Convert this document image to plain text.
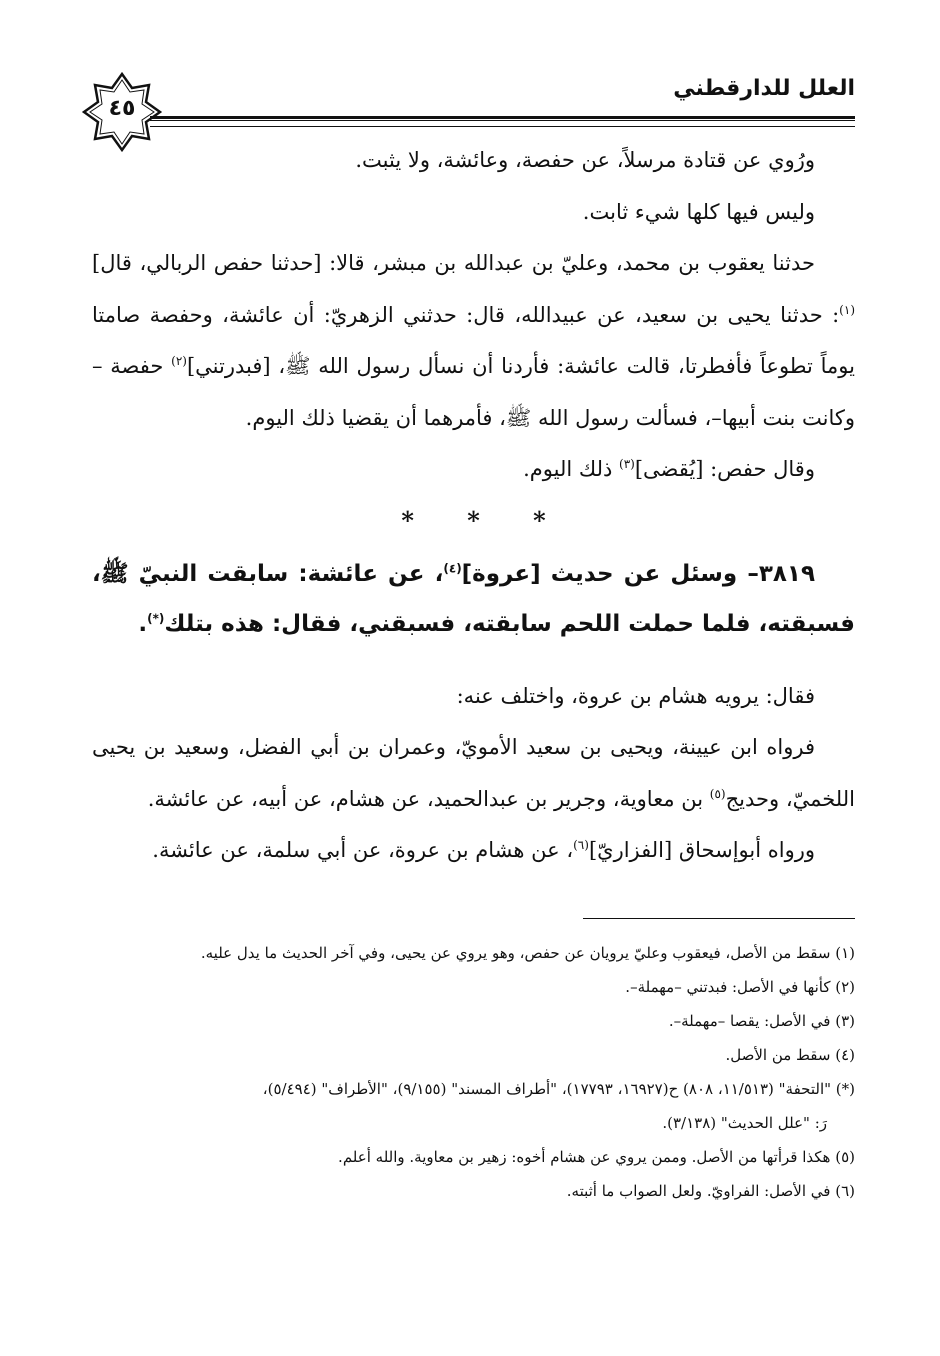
العلل للدارقطني
٤٥

ورُوي عن قتادة مرسلاً، عن حفصة، وعائشة، ولا يثبت.

وليس فيها كلها شيء ثابت.

حدثنا يعقوب بن محمد، وعليّ بن عبدالله بن مبشر، قالا: [حدثنا حفص الربالي، قال]$^{(١)}$: حدثنا يحيى بن سعيد، عن عبيدالله، قال: حدثني الزهريّ: أن عائشة، وحفصة صامتا يوماً تطوعاً فأفطرتا، قالت عائشة: فأردنا أن نسأل رسول الله ﷺ، [فبدرتني]$^{(٢)}$ حفصة –وكانت بنت أبيها–، فسألت رسول الله ﷺ، فأمرهما أن يقضيا ذلك اليوم.

وقال حفص: [يُقضى]$^{(٣)}$ ذلك اليوم.

* * *

٣٨١٩– وسئل عن حديث [عروة]$^{(٤)}$، عن عائشة: سابقت النبيّ ﷺ، فسبقته، فلما حملت اللحم سابقته، فسبقني، فقال: هذه بتلك(*).

فقال: يرويه هشام بن عروة، واختلف عنه:

فرواه ابن عيينة، ويحيى بن سعيد الأمويّ، وعمران بن أبي الفضل، وسعيد بن يحيى اللخميّ، وحديج$^{(٥)}$ بن معاوية، وجرير بن عبدالحميد، عن هشام، عن أبيه، عن عائشة.

ورواه أبوإسحاق [الفزاريّ]$^{(٦)}$، عن هشام بن عروة، عن أبي سلمة، عن عائشة.

(١) سقط من الأصل، فيعقوب وعليّ يرويان عن حفص، وهو يروي عن يحيى، وفي آخر الحديث ما يدل عليه.

(٢) كأنها في الأصل: فبدتني –مهملة–.

(٣) في الأصل: يقصا –مهملة–.

(٤) سقط من الأصل.

(*) "التحفة" (١١/٥١٣، ٨٠٨) ح(١٦٩٢٧، ١٧٧٩٣)، "أطراف المسند" (٩/١٥٥)، "الأطراف" (٥/٤٩٤)،

رَ: "علل الحديث" (٣/١٣٨).

(٥) هكذا قرأتها من الأصل. وممن يروي عن هشام أخوه: زهير بن معاوية. والله أعلم.

(٦) في الأصل: الفراويّ. ولعل الصواب ما أثبته.
